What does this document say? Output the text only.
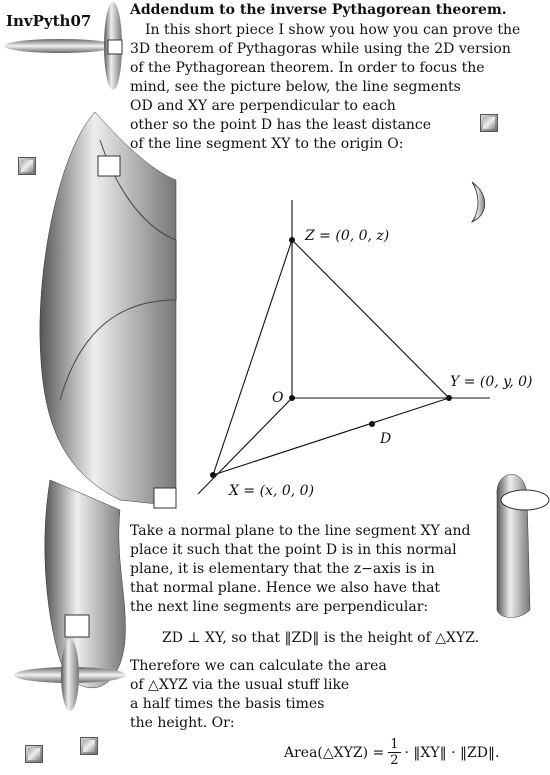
InvPyth07
Addendum to the inverse Pythagorean theorem.
In this short piece I show you how you can prove the
3D theorem of Pythagoras while using the 2D version
of the Pythagorean theorem. In order to focus the
mind, see the picture below, the line segments
OD and XY are perpendicular to each
other so the point D has the least distance
of the line segment XY to the origin O:
Z = (0, 0, z)
Y = (0, y, 0)
X = (x, 0, 0)
O
D
Take a normal plane to the line segment XY and
place it such that the point D is in this normal
plane, it is elementary that the z−axis is in
that normal plane. Hence we also have that
the next line segments are perpendicular:
ZD ⊥ XY, so that ‖ZD‖ is the height of △XYZ.
Therefore we can calculate the area
of △XYZ via the usual stuff like
a half times the basis times
the height. Or:
Area(△XYZ) = $\frac{1}{2}$ · ‖XY‖ · ‖ZD‖.
